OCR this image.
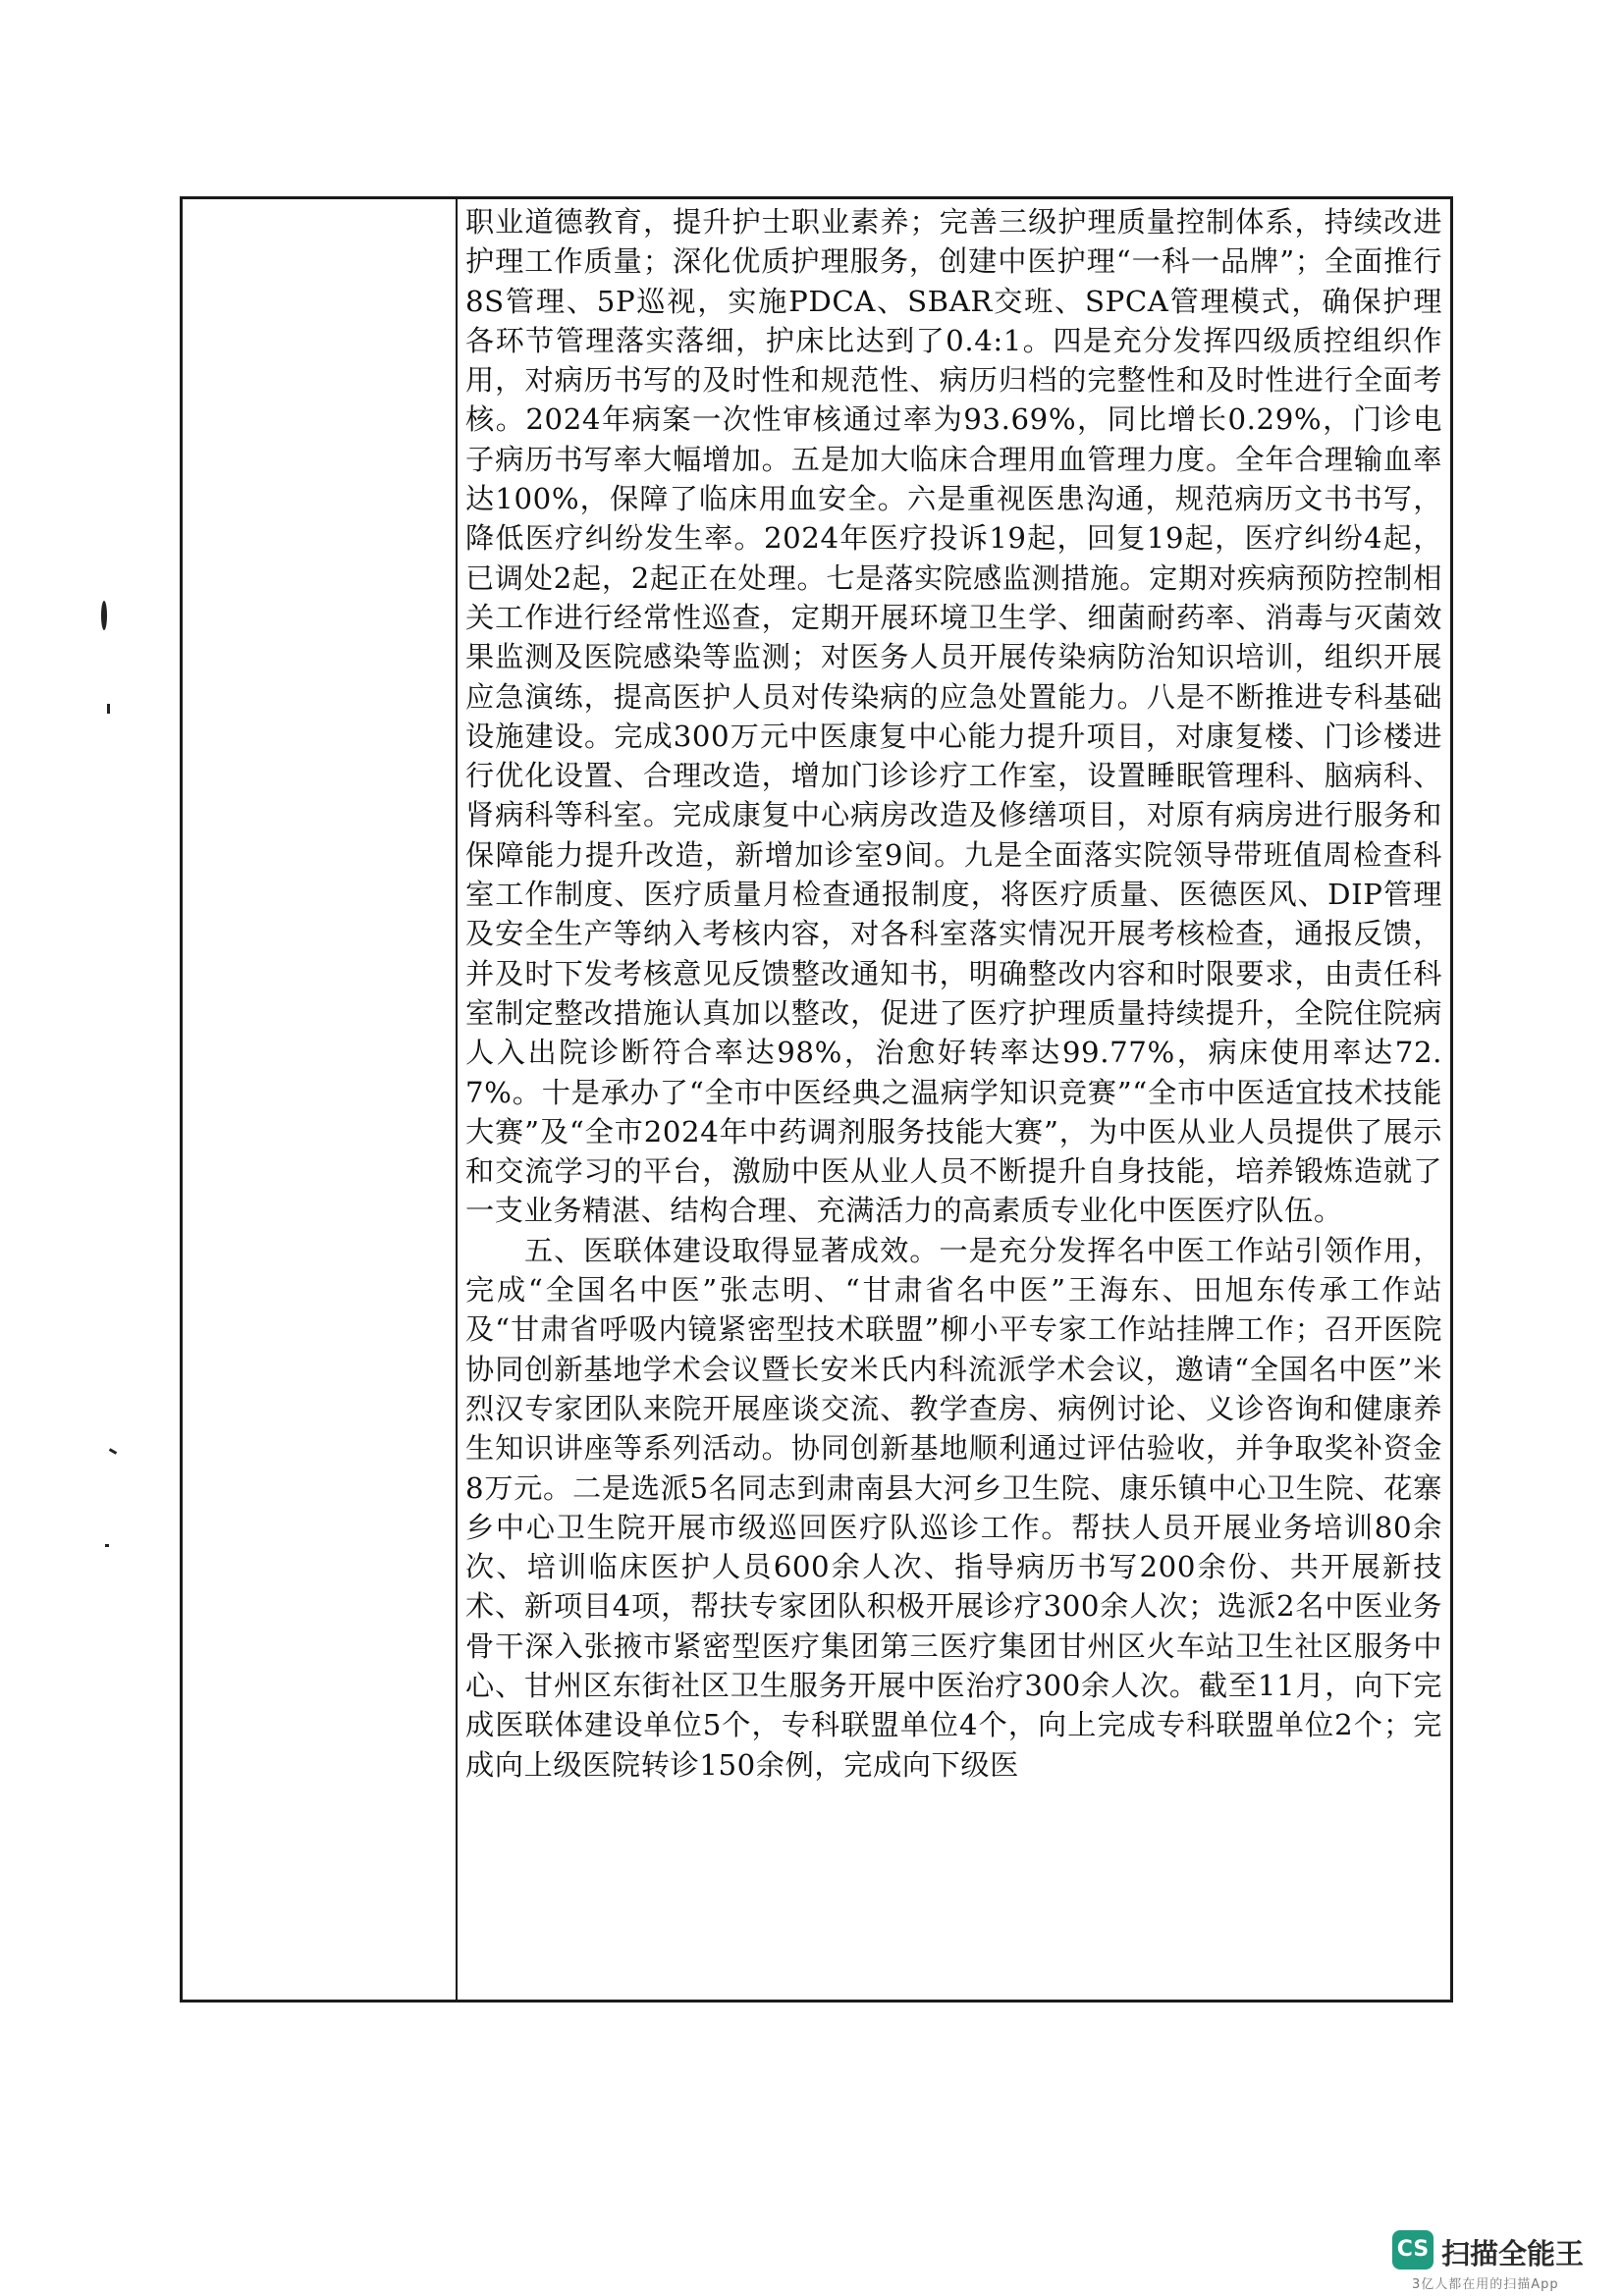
职业道德教育，提升护士职业素养；完善三级护理质量控制体系，持续改进护理工作质量；深化优质护理服务，创建中医护理“一科一品牌”；全面推行8S管理、5P巡视，实施PDCA、SBAR交班、SPCA管理模式，确保护理各环节管理落实落细，护床比达到了0.4:1。四是充分发挥四级质控组织作用，对病历书写的及时性和规范性、病历归档的完整性和及时性进行全面考核。2024年病案一次性审核通过率为93.69%，同比增长0.29%，门诊电子病历书写率大幅增加。五是加大临床合理用血管理力度。全年合理输血率达100%，保障了临床用血安全。六是重视医患沟通，规范病历文书书写，降低医疗纠纷发生率。2024年医疗投诉19起，回复19起，医疗纠纷4起，已调处2起，2起正在处理。七是落实院感监测措施。定期对疾病预防控制相关工作进行经常性巡查，定期开展环境卫生学、细菌耐药率、消毒与灭菌效果监测及医院感染等监测；对医务人员开展传染病防治知识培训，组织开展应急演练，提高医护人员对传染病的应急处置能力。八是不断推进专科基础设施建设。完成300万元中医康复中心能力提升项目，对康复楼、门诊楼进行优化设置、合理改造，增加门诊诊疗工作室，设置睡眠管理科、脑病科、肾病科等科室。完成康复中心病房改造及修缮项目，对原有病房进行服务和保障能力提升改造，新增加诊室9间。九是全面落实院领导带班值周检查科室工作制度、医疗质量月检查通报制度，将医疗质量、医德医风、DIP管理及安全生产等纳入考核内容，对各科室落实情况开展考核检查，通报反馈，并及时下发考核意见反馈整改通知书，明确整改内容和时限要求，由责任科室制定整改措施认真加以整改，促进了医疗护理质量持续提升，全院住院病人入出院诊断符合率达98%，治愈好转率达99.77%，病床使用率达72.7%。十是承办了“全市中医经典之温病学知识竞赛”“全市中医适宜技术技能大赛”及“全市2024年中药调剂服务技能大赛”，为中医从业人员提供了展示和交流学习的平台，激励中医从业人员不断提升自身技能，培养锻炼造就了一支业务精湛、结构合理、充满活力的高素质专业化中医医疗队伍。

五、医联体建设取得显著成效。一是充分发挥名中医工作站引领作用，完成“全国名中医”张志明、“甘肃省名中医”王海东、田旭东传承工作站及“甘肃省呼吸内镜紧密型技术联盟”柳小平专家工作站挂牌工作；召开医院协同创新基地学术会议暨长安米氏内科流派学术会议，邀请“全国名中医”米烈汉专家团队来院开展座谈交流、教学查房、病例讨论、义诊咨询和健康养生知识讲座等系列活动。协同创新基地顺利通过评估验收，并争取奖补资金8万元。二是选派5名同志到肃南县大河乡卫生院、康乐镇中心卫生院、花寨乡中心卫生院开展市级巡回医疗队巡诊工作。帮扶人员开展业务培训80余次、培训临床医护人员600余人次、指导病历书写200余份、共开展新技术、新项目4项，帮扶专家团队积极开展诊疗300余人次；选派2名中医业务骨干深入张掖市紧密型医疗集团第三医疗集团甘州区火车站卫生社区服务中心、甘州区东街社区卫生服务开展中医治疗300余人次。截至11月，向下完成医联体建设单位5个，专科联盟单位4个，向上完成专科联盟单位2个；完成向上级医院转诊150余例，完成向下级医

CS 扫描全能王
3亿人都在用的扫描App
